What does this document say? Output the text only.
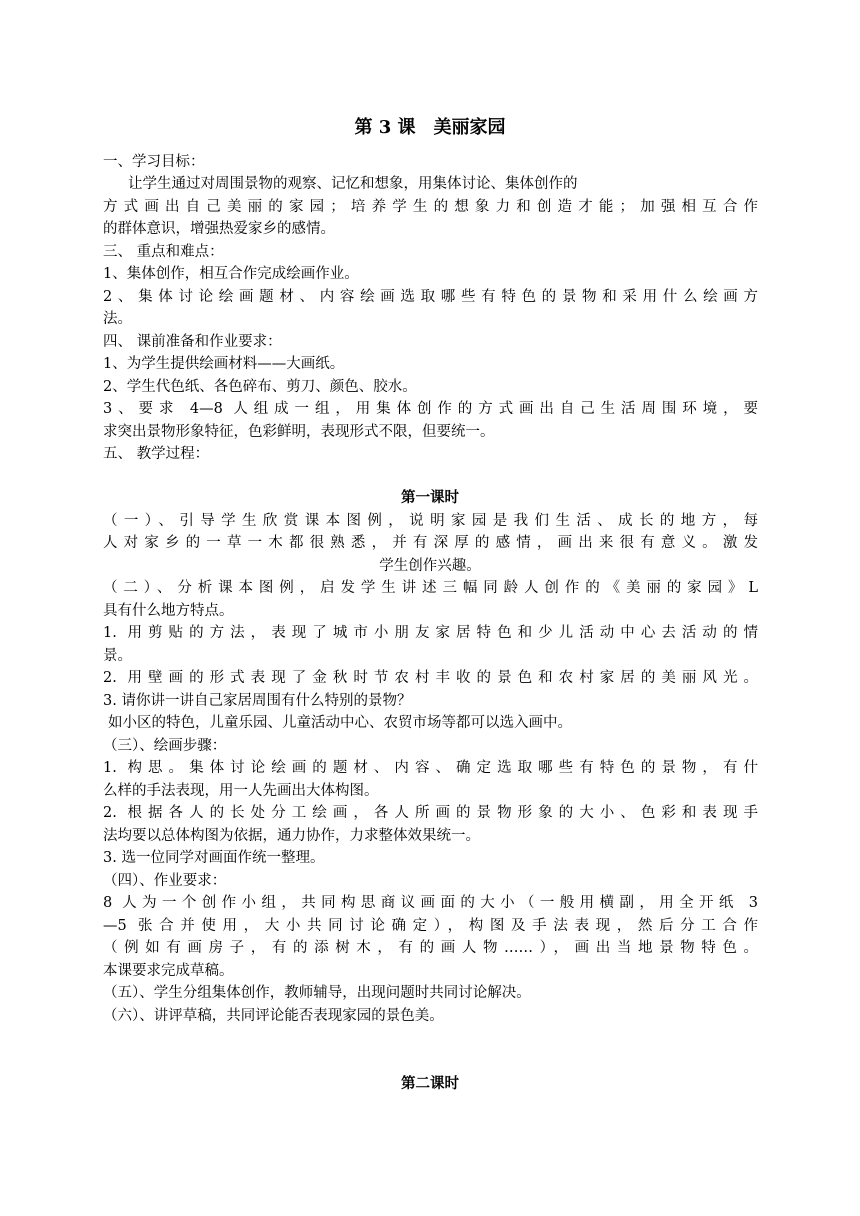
第 3 课　美丽家园
一、学习目标：
让学生通过对周围景物的观察、记忆和想象，用集体讨论、集体创作的
方式画出自己美丽的家园；培养学生的想象力和创造才能；加强相互合作
的群体意识，增强热爱家乡的感情。
三、 重点和难点：
1、集体创作，相互合作完成绘画作业。
2、集体讨论绘画题材、内容绘画选取哪些有特色的景物和采用什么绘画方
法。
四、 课前准备和作业要求：
1、为学生提供绘画材料——大画纸。
2、学生代色纸、各色碎布、剪刀、颜色、胶水。
3、要求 4—8 人组成一组，用集体创作的方式画出自己生活周围环境，要
求突出景物形象特征，色彩鲜明，表现形式不限，但要统一。
五、 教学过程：
第一课时
（一）、引导学生欣赏课本图例，说明家园是我们生活、成长的地方，每
人对家乡的一草一木都很熟悉，并有深厚的感情，画出来很有意义。激发
学生创作兴趣。
（二）、分析课本图例，启发学生讲述三幅同龄人创作的《美丽的家园》L
具有什么地方特点。
1. 用剪贴的方法，表现了城市小朋友家居特色和少儿活动中心去活动的情
景。
2. 用壁画的形式表现了金秋时节农村丰收的景色和农村家居的美丽风光。
3. 请你讲一讲自己家居周围有什么特别的景物？
如小区的特色，儿童乐园、儿童活动中心、农贸市场等都可以选入画中。
（三）、绘画步骤：
1. 构思。集体讨论绘画的题材、内容、确定选取哪些有特色的景物，有什
么样的手法表现，用一人先画出大体构图。
2. 根据各人的长处分工绘画，各人所画的景物形象的大小、色彩和表现手
法均要以总体构图为依据，通力协作，力求整体效果统一。
3. 选一位同学对画面作统一整理。
（四）、作业要求：
8 人为一个创作小组，共同构思商议画面的大小（一般用横副，用全开纸 3
—5 张合并使用，大小共同讨论确定），构图及手法表现，然后分工合作
（例如有画房子，有的添树木，有的画人物……），画出当地景物特色。
本课要求完成草稿。
（五）、学生分组集体创作，教师辅导，出现问题时共同讨论解决。
（六）、讲评草稿，共同评论能否表现家园的景色美。
第二课时
